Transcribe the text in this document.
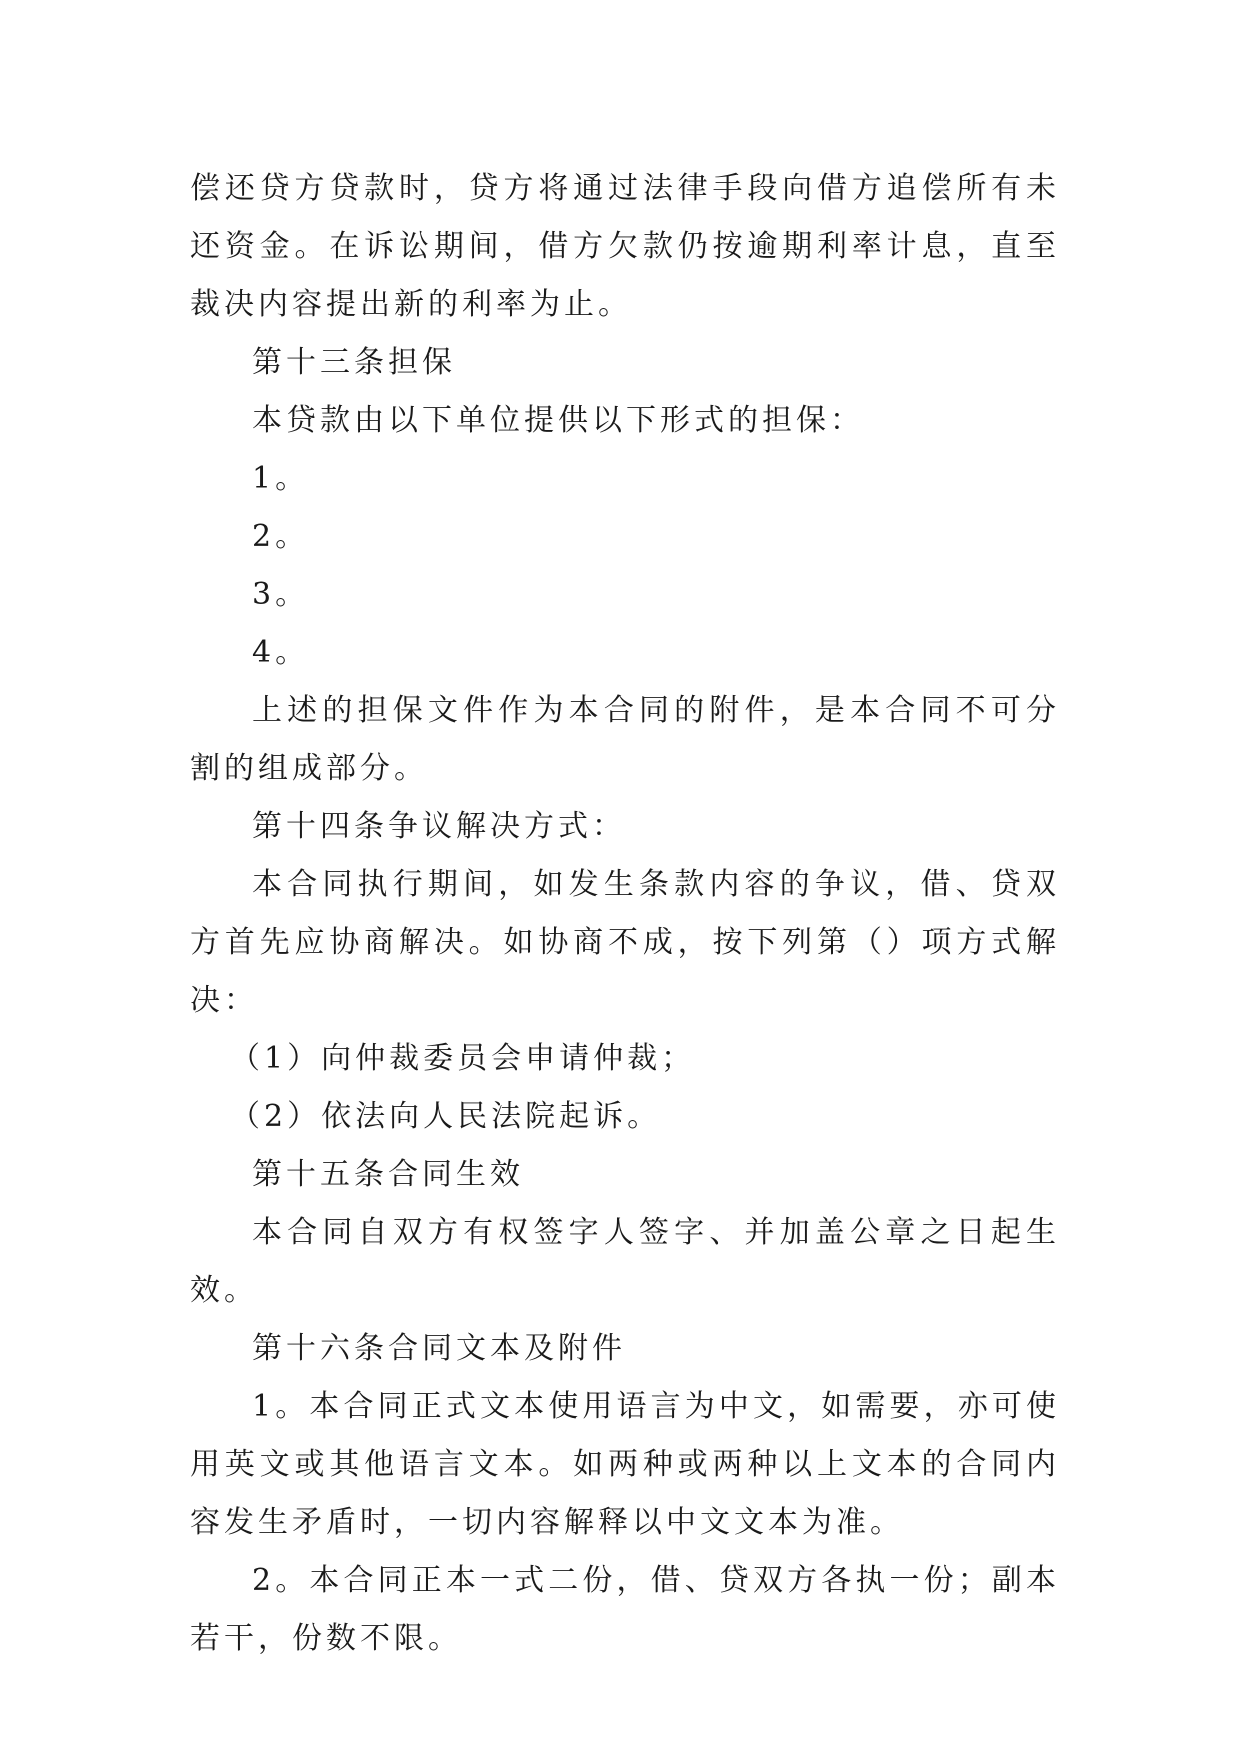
偿还贷方贷款时，贷方将通过法律手段向借方追偿所有未还资金。在诉讼期间，借方欠款仍按逾期利率计息，直至裁决内容提出新的利率为止。

第十三条担保

本贷款由以下单位提供以下形式的担保：

1。

2。

3。

4。

上述的担保文件作为本合同的附件，是本合同不可分割的组成部分。

第十四条争议解决方式：

本合同执行期间，如发生条款内容的争议，借、贷双方首先应协商解决。如协商不成，按下列第（）项方式解决：

（1）向仲裁委员会申请仲裁；

（2）依法向人民法院起诉。

第十五条合同生效

本合同自双方有权签字人签字、并加盖公章之日起生效。

第十六条合同文本及附件

1。本合同正式文本使用语言为中文，如需要，亦可使用英文或其他语言文本。如两种或两种以上文本的合同内容发生矛盾时，一切内容解释以中文文本为准。

2。本合同正本一式二份，借、贷双方各执一份；副本若干，份数不限。
